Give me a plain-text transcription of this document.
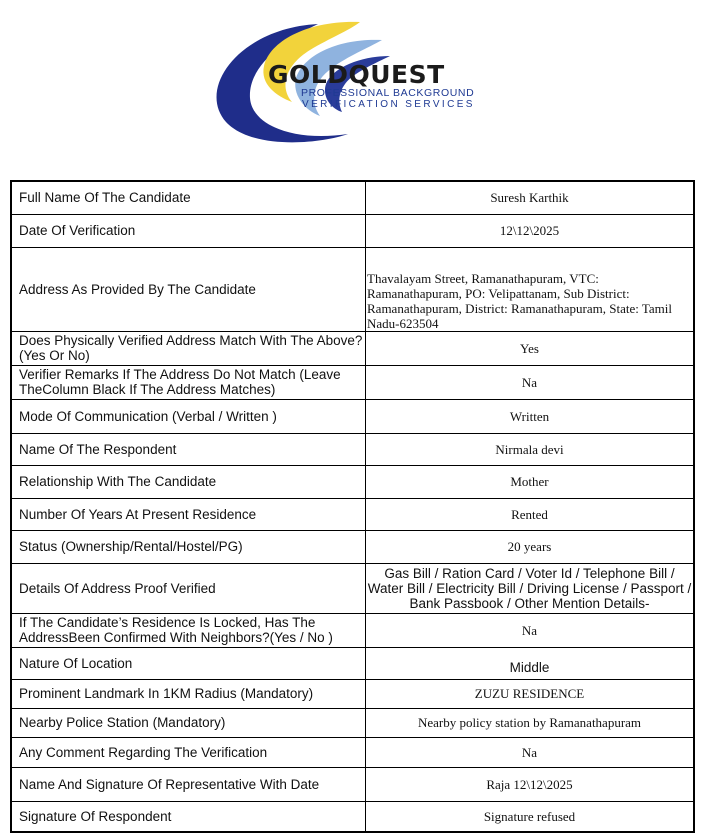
GOLDQUEST
PROFESSIONAL BACKGROUND
VERIFICATION SERVICES
Full Name Of The Candidate	Suresh Karthik
Date Of Verification	12\12\2025
Address As Provided By The Candidate	Thavalayam Street, Ramanathapuram, VTC: Ramanathapuram, PO: Velipattanam, Sub District: Ramanathapuram, District: Ramanathapuram, State: Tamil Nadu-623504

Does Physically Verified Address Match With The Above?(Yes Or No)	Yes
Verifier Remarks If The Address Do Not Match (Leave TheColumn Black If The Address Matches)	Na
Mode Of Communication (Verbal / Written )	Written
Name Of The Respondent	Nirmala devi
Relationship With The Candidate	Mother
Number Of Years At Present Residence	Rented
Status (Ownership/Rental/Hostel/PG)	20 years
Details Of Address Proof Verified	Gas Bill / Ration Card / Voter Id / Telephone Bill / Water Bill / Electricity Bill / Driving License / Passport / Bank Passbook / Other Mention Details-
If The Candidate’s Residence Is Locked, Has The AddressBeen Confirmed With Neighbors?(Yes / No )	Na
Nature Of Location	Middle
Prominent Landmark In 1KM Radius (Mandatory)	ZUZU RESIDENCE
Nearby Police Station (Mandatory)	Nearby policy station by Ramanathapuram
Any Comment Regarding The Verification	Na
Name And Signature Of Representative With Date	Raja 12\12\2025
Signature Of Respondent	Signature refused
